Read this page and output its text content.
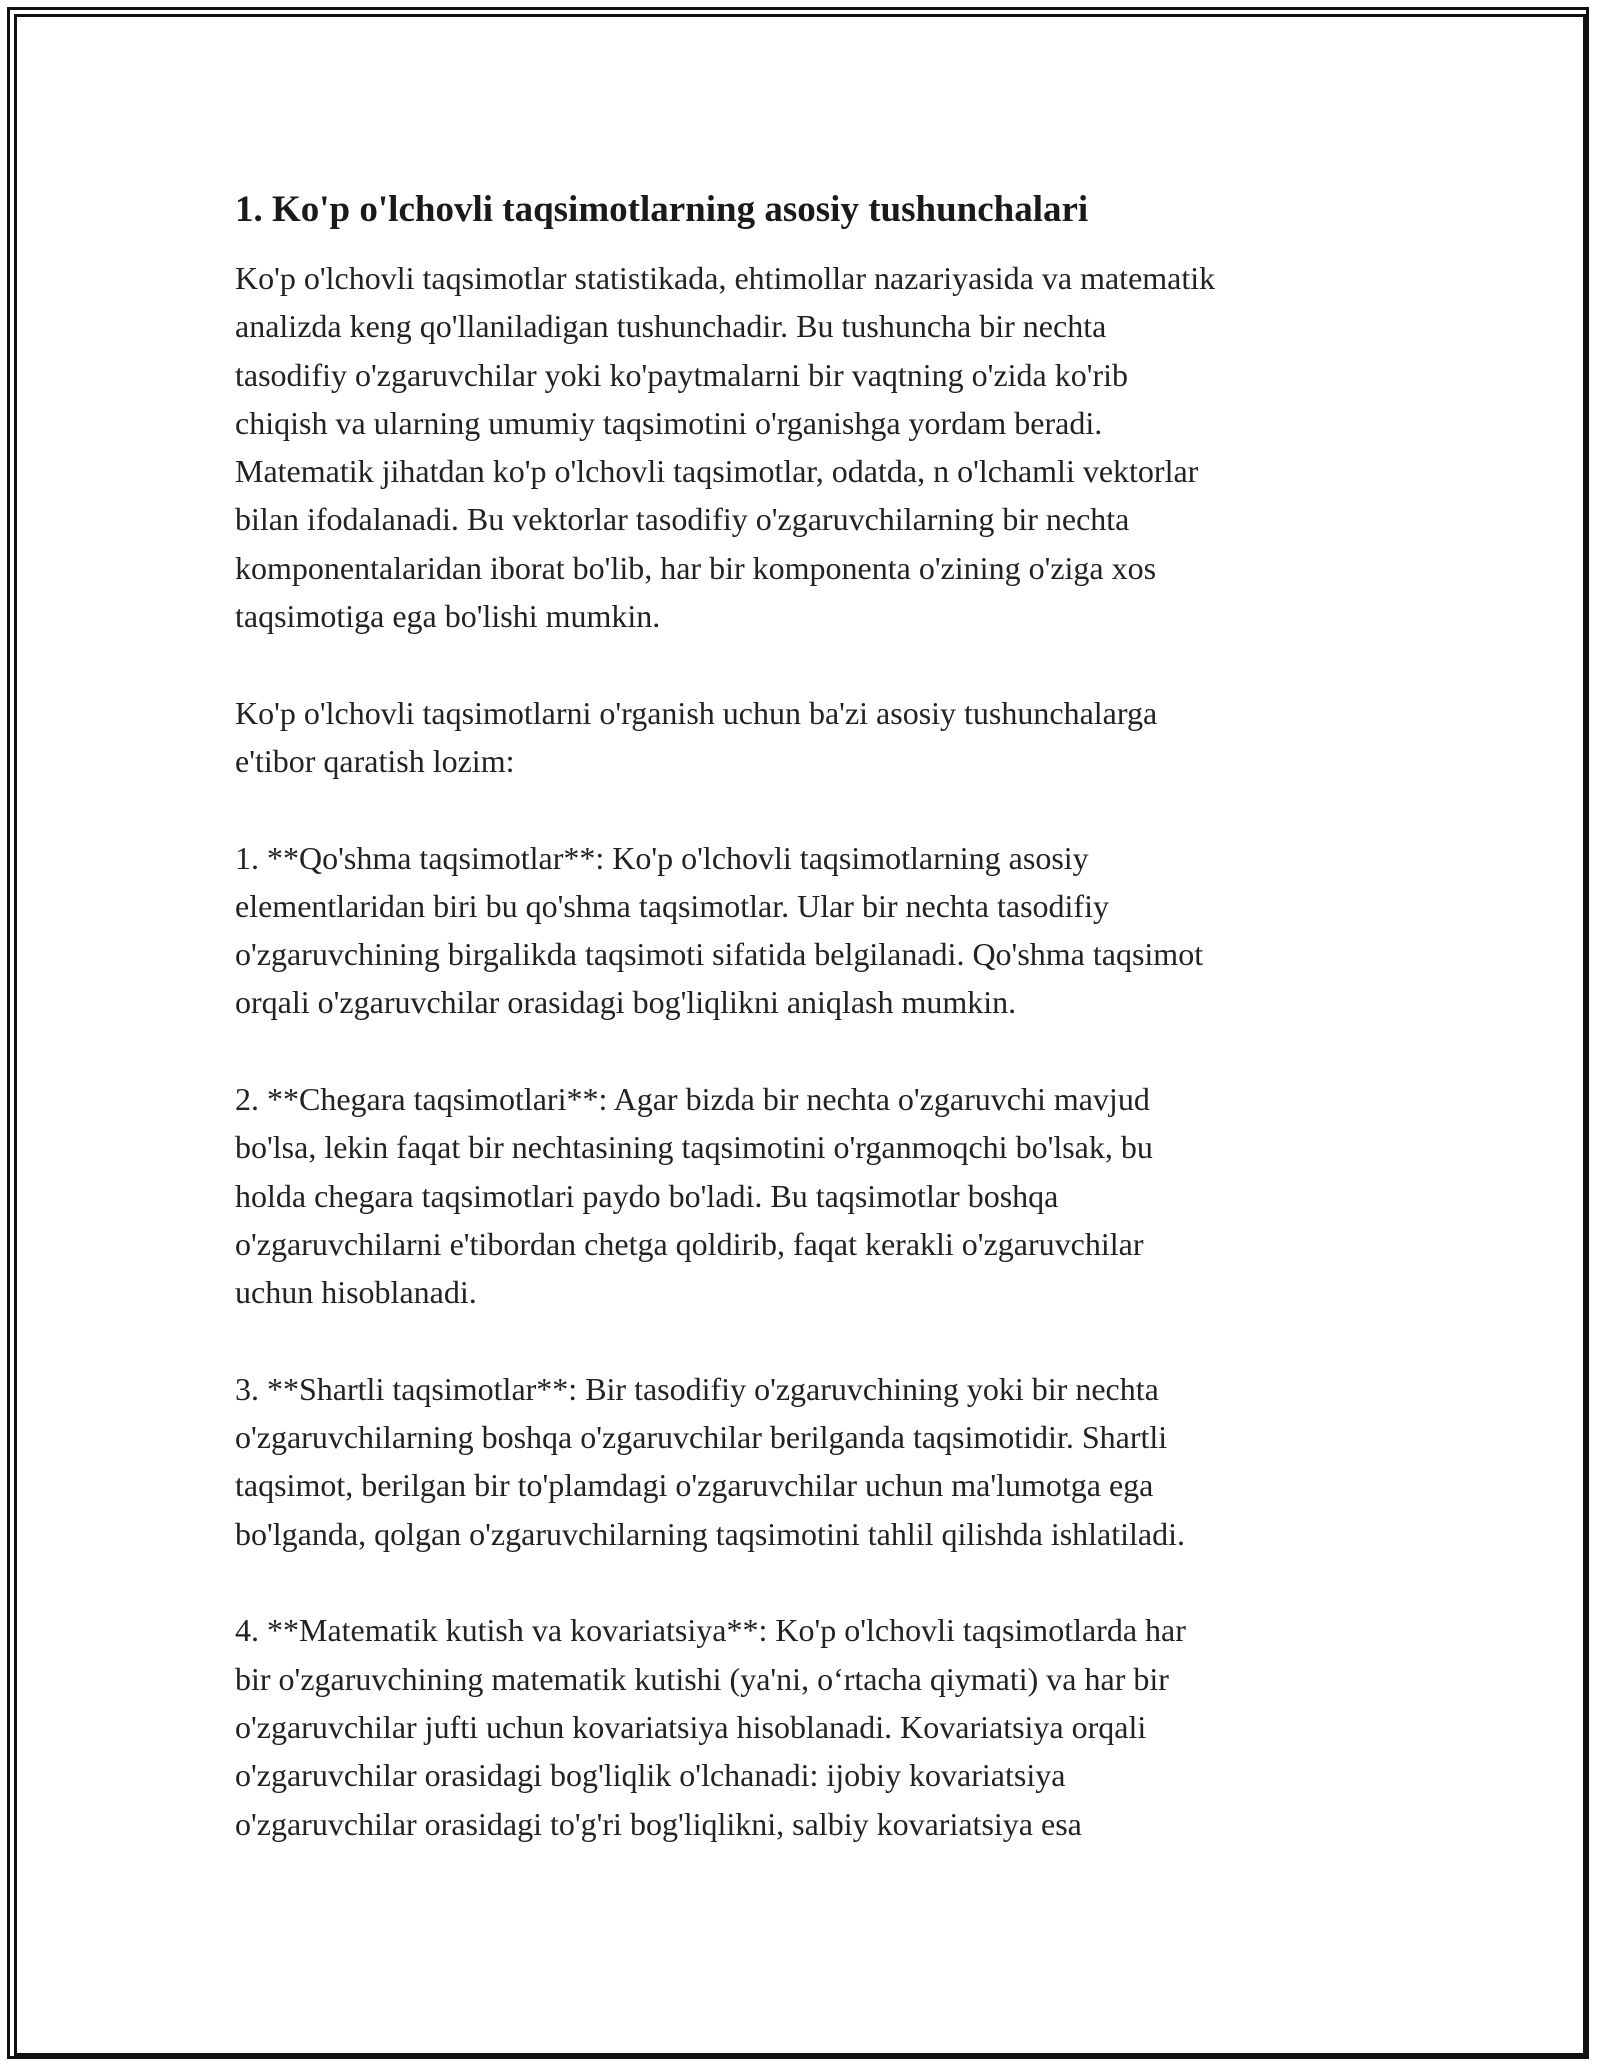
1. Ko'p o'lchovli taqsimotlarning asosiy tushunchalari

Ko'p o'lchovli taqsimotlar statistikada, ehtimollar nazariyasida va matematik
analizda keng qo'llaniladigan tushunchadir. Bu tushuncha bir nechta
tasodifiy o'zgaruvchilar yoki ko'paytmalarni bir vaqtning o'zida ko'rib
chiqish va ularning umumiy taqsimotini o'rganishga yordam beradi.
Matematik jihatdan ko'p o'lchovli taqsimotlar, odatda, n o'lchamli vektorlar
bilan ifodalanadi. Bu vektorlar tasodifiy o'zgaruvchilarning bir nechta
komponentalaridan iborat bo'lib, har bir komponenta o'zining o'ziga xos
taqsimotiga ega bo'lishi mumkin.

Ko'p o'lchovli taqsimotlarni o'rganish uchun ba'zi asosiy tushunchalarga
e'tibor qaratish lozim:

1. **Qo'shma taqsimotlar**: Ko'p o'lchovli taqsimotlarning asosiy
elementlaridan biri bu qo'shma taqsimotlar. Ular bir nechta tasodifiy
o'zgaruvchining birgalikda taqsimoti sifatida belgilanadi. Qo'shma taqsimot
orqali o'zgaruvchilar orasidagi bog'liqlikni aniqlash mumkin.

2. **Chegara taqsimotlari**: Agar bizda bir nechta o'zgaruvchi mavjud
bo'lsa, lekin faqat bir nechtasining taqsimotini o'rganmoqchi bo'lsak, bu
holda chegara taqsimotlari paydo bo'ladi. Bu taqsimotlar boshqa
o'zgaruvchilarni e'tibordan chetga qoldirib, faqat kerakli o'zgaruvchilar
uchun hisoblanadi.

3. **Shartli taqsimotlar**: Bir tasodifiy o'zgaruvchining yoki bir nechta
o'zgaruvchilarning boshqa o'zgaruvchilar berilganda taqsimotidir. Shartli
taqsimot, berilgan bir to'plamdagi o'zgaruvchilar uchun ma'lumotga ega
bo'lganda, qolgan o'zgaruvchilarning taqsimotini tahlil qilishda ishlatiladi.

4. **Matematik kutish va kovariatsiya**: Ko'p o'lchovli taqsimotlarda har
bir o'zgaruvchining matematik kutishi (ya'ni, o‘rtacha qiymati) va har bir
o'zgaruvchilar jufti uchun kovariatsiya hisoblanadi. Kovariatsiya orqali
o'zgaruvchilar orasidagi bog'liqlik o'lchanadi: ijobiy kovariatsiya
o'zgaruvchilar orasidagi to'g'ri bog'liqlikni, salbiy kovariatsiya esa
